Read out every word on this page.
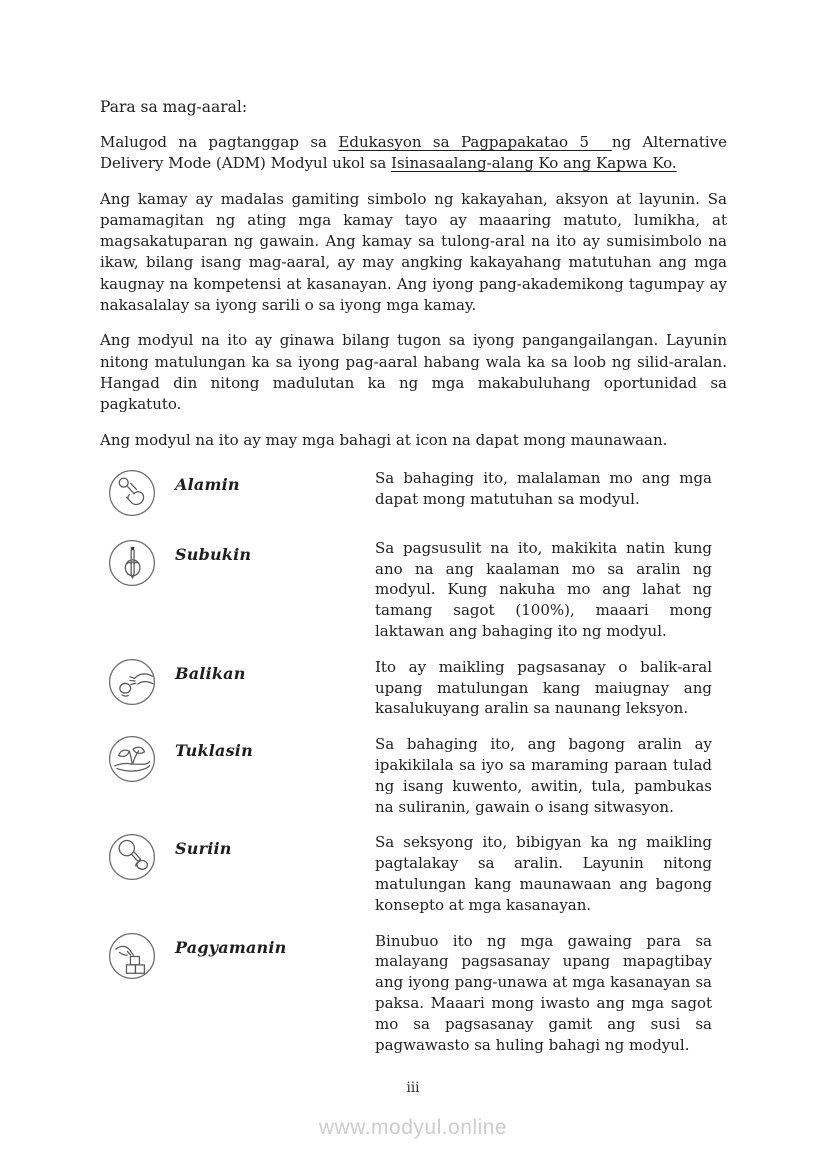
Para sa mag-aaral:

Malugod na pagtanggap sa Edukasyon sa Pagpapakatao 5  ng Alternative Delivery Mode (ADM) Modyul ukol sa Isinasaalang-alang Ko ang Kapwa Ko.

Ang kamay ay madalas gamiting simbolo ng kakayahan, aksyon at layunin. Sa pamamagitan ng ating mga kamay tayo ay maaaring matuto, lumikha, at magsakatuparan ng gawain. Ang kamay sa tulong-aral na ito ay sumisimbolo na ikaw, bilang isang mag-aaral, ay may angking kakayahang matutuhan ang mga kaugnay na kompetensi at kasanayan. Ang iyong pang-akademikong tagumpay ay nakasalalay sa iyong sarili o sa iyong mga kamay.

Ang modyul na ito ay ginawa bilang tugon sa iyong pangangailangan. Layunin nitong matulungan ka sa iyong pag-aaral habang wala ka sa loob ng silid-aralan. Hangad din nitong madulutan ka ng mga makabuluhang oportunidad sa pagkatuto.

Ang modyul na ito ay may mga bahagi at icon na dapat mong maunawaan.

Alamin	Sa bahaging ito, malalaman mo ang mga dapat mong matutuhan sa modyul.

Subukin	Sa pagsusulit na ito, makikita natin kung ano na ang kaalaman mo sa aralin ng modyul. Kung nakuha mo ang lahat ng tamang sagot (100%), maaari mong laktawan ang bahaging ito ng modyul.

Balikan	Ito ay maikling pagsasanay o balik-aral upang matulungan kang maiugnay ang kasalukuyang aralin sa naunang leksyon.

Tuklasin	Sa bahaging ito, ang bagong aralin ay ipakikilala sa iyo sa maraming paraan tulad ng isang kuwento, awitin, tula, pambukas na suliranin, gawain o isang sitwasyon.

Suriin	Sa seksyong ito, bibigyan ka ng maikling pagtalakay sa aralin. Layunin nitong matulungan kang maunawaan ang bagong konsepto at mga kasanayan.

Pagyamanin	Binubuo ito ng mga gawaing para sa malayang pagsasanay upang mapagtibay ang iyong pang-unawa at mga kasanayan sa paksa. Maaari mong iwasto ang mga sagot mo sa pagsasanay gamit ang susi sa pagwawasto sa huling bahagi ng modyul.

iii
www.modyul.online
